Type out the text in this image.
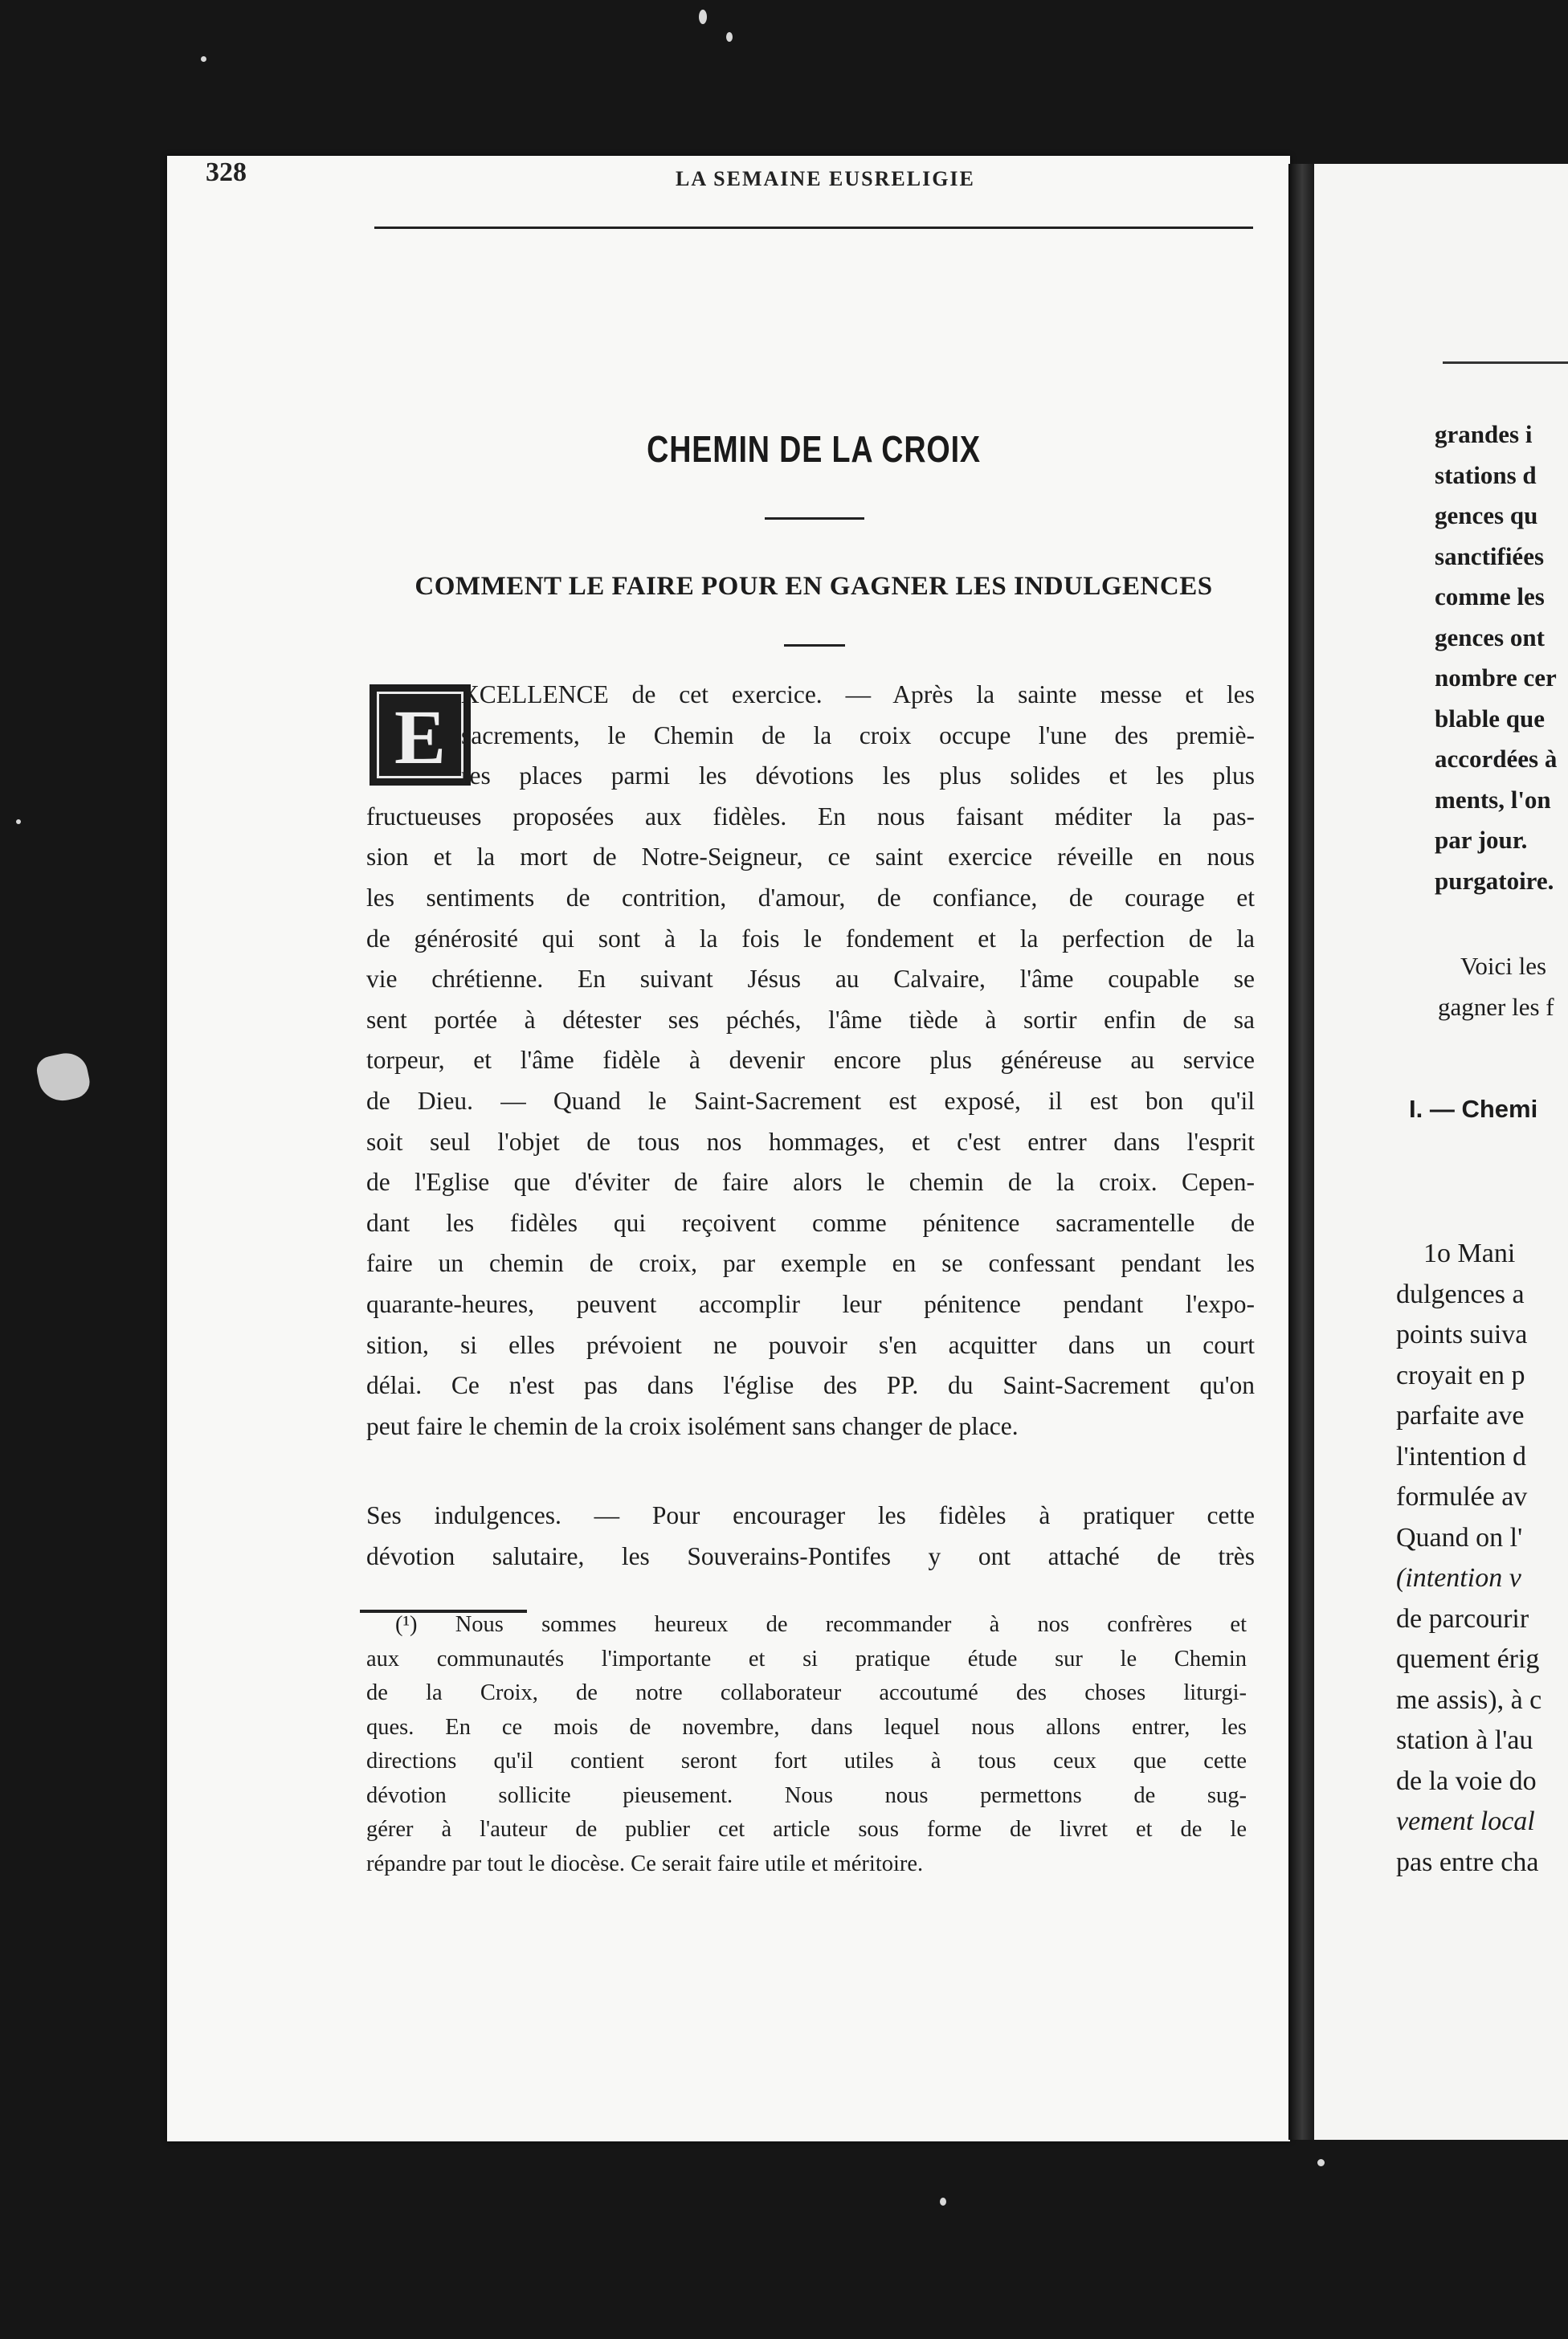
328	LA SEMAINE EUSRELIGIE
CHEMIN DE LA CROIX
COMMENT LE FAIRE POUR EN GAGNER LES INDULGENCES
E XCELLENCE de cet exercice. — Après la sainte messe et les
sacrements, le Chemin de la croix occupe l'une des premiè-
res places parmi les dévotions les plus solides et les plus
fructueuses proposées aux fidèles. En nous faisant méditer la pas-
sion et la mort de Notre-Seigneur, ce saint exercice réveille en nous
les sentiments de contrition, d'amour, de confiance, de courage et
de générosité qui sont à la fois le fondement et la perfection de la
vie chrétienne. En suivant Jésus au Calvaire, l'âme coupable se
sent portée à détester ses péchés, l'âme tiède à sortir enfin de sa
torpeur, et l'âme fidèle à devenir encore plus généreuse au service
de Dieu. — Quand le Saint-Sacrement est exposé, il est bon qu'il
soit seul l'objet de tous nos hommages, et c'est entrer dans l'esprit
de l'Eglise que d'éviter de faire alors le chemin de la croix. Cepen-
dant les fidèles qui reçoivent comme pénitence sacramentelle de
faire un chemin de croix, par exemple en se confessant pendant les
quarante-heures, peuvent accomplir leur pénitence pendant l'expo-
sition, si elles prévoient ne pouvoir s'en acquitter dans un court
délai. Ce n'est pas dans l'église des PP. du Saint-Sacrement qu'on
peut faire le chemin de la croix isolément sans changer de place.
Ses indulgences. — Pour encourager les fidèles à pratiquer cette
dévotion salutaire, les Souverains-Pontifes y ont attaché de très
(¹) Nous sommes heureux de recommander à nos confrères et
aux communautés l'importante et si pratique étude sur le Chemin
de la Croix, de notre collaborateur accoutumé des choses liturgi-
ques. En ce mois de novembre, dans lequel nous allons entrer, les
directions qu'il contient seront fort utiles à tous ceux que cette
dévotion sollicite pieusement. Nous nous permettons de sug-
gérer à l'auteur de publier cet article sous forme de livret et de le
répandre par tout le diocèse. Ce serait faire utile et méritoire.
grandes i
stations d
gences qu
sanctifiées
comme les
gences ont
nombre cer
blable que
accordées à
ments, l'on
par jour.
purgatoire.
Voici les
gagner les f
I. — Chemi
1o Mani
dulgences a
points suiva
croyait en p
parfaite ave
l'intention d
formulée av
Quand on l'
(intention v
de parcourir
quement érig
me assis), à c
station à l'au
de la voie do
vement local
pas entre cha
